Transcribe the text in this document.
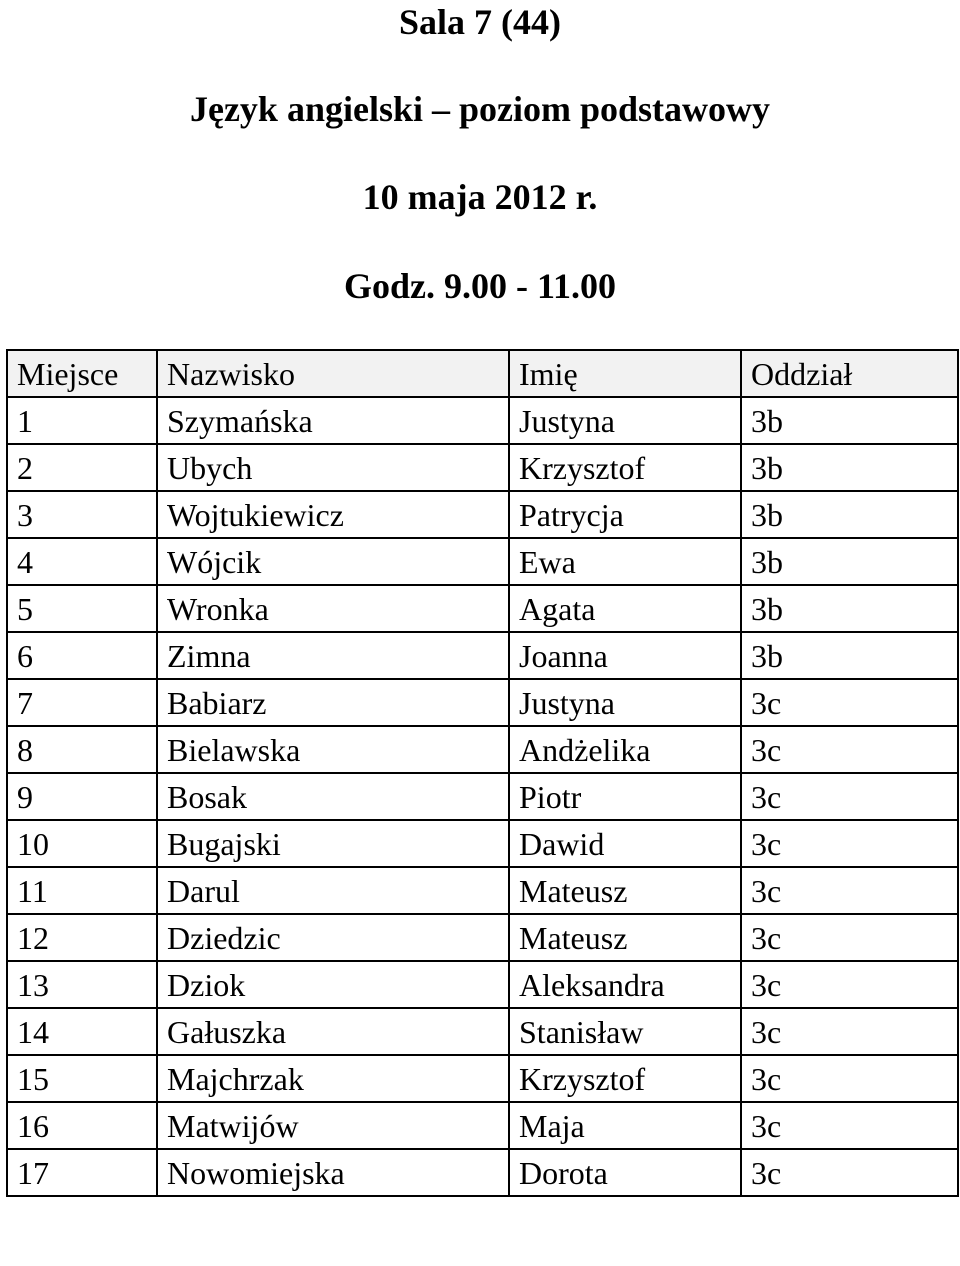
Sala 7 (44)
Język angielski – poziom podstawowy
10 maja 2012 r.
Godz. 9.00 - 11.00
Miejsce	Nazwisko	Imię	Oddział
1	Szymańska	Justyna	3b
2	Ubych	Krzysztof	3b
3	Wojtukiewicz	Patrycja	3b
4	Wójcik	Ewa	3b
5	Wronka	Agata	3b
6	Zimna	Joanna	3b
7	Babiarz	Justyna	3c
8	Bielawska	Andżelika	3c
9	Bosak	Piotr	3c
10	Bugajski	Dawid	3c
11	Darul	Mateusz	3c
12	Dziedzic	Mateusz	3c
13	Dziok	Aleksandra	3c
14	Gałuszka	Stanisław	3c
15	Majchrzak	Krzysztof	3c
16	Matwijów	Maja	3c
17	Nowomiejska	Dorota	3c
